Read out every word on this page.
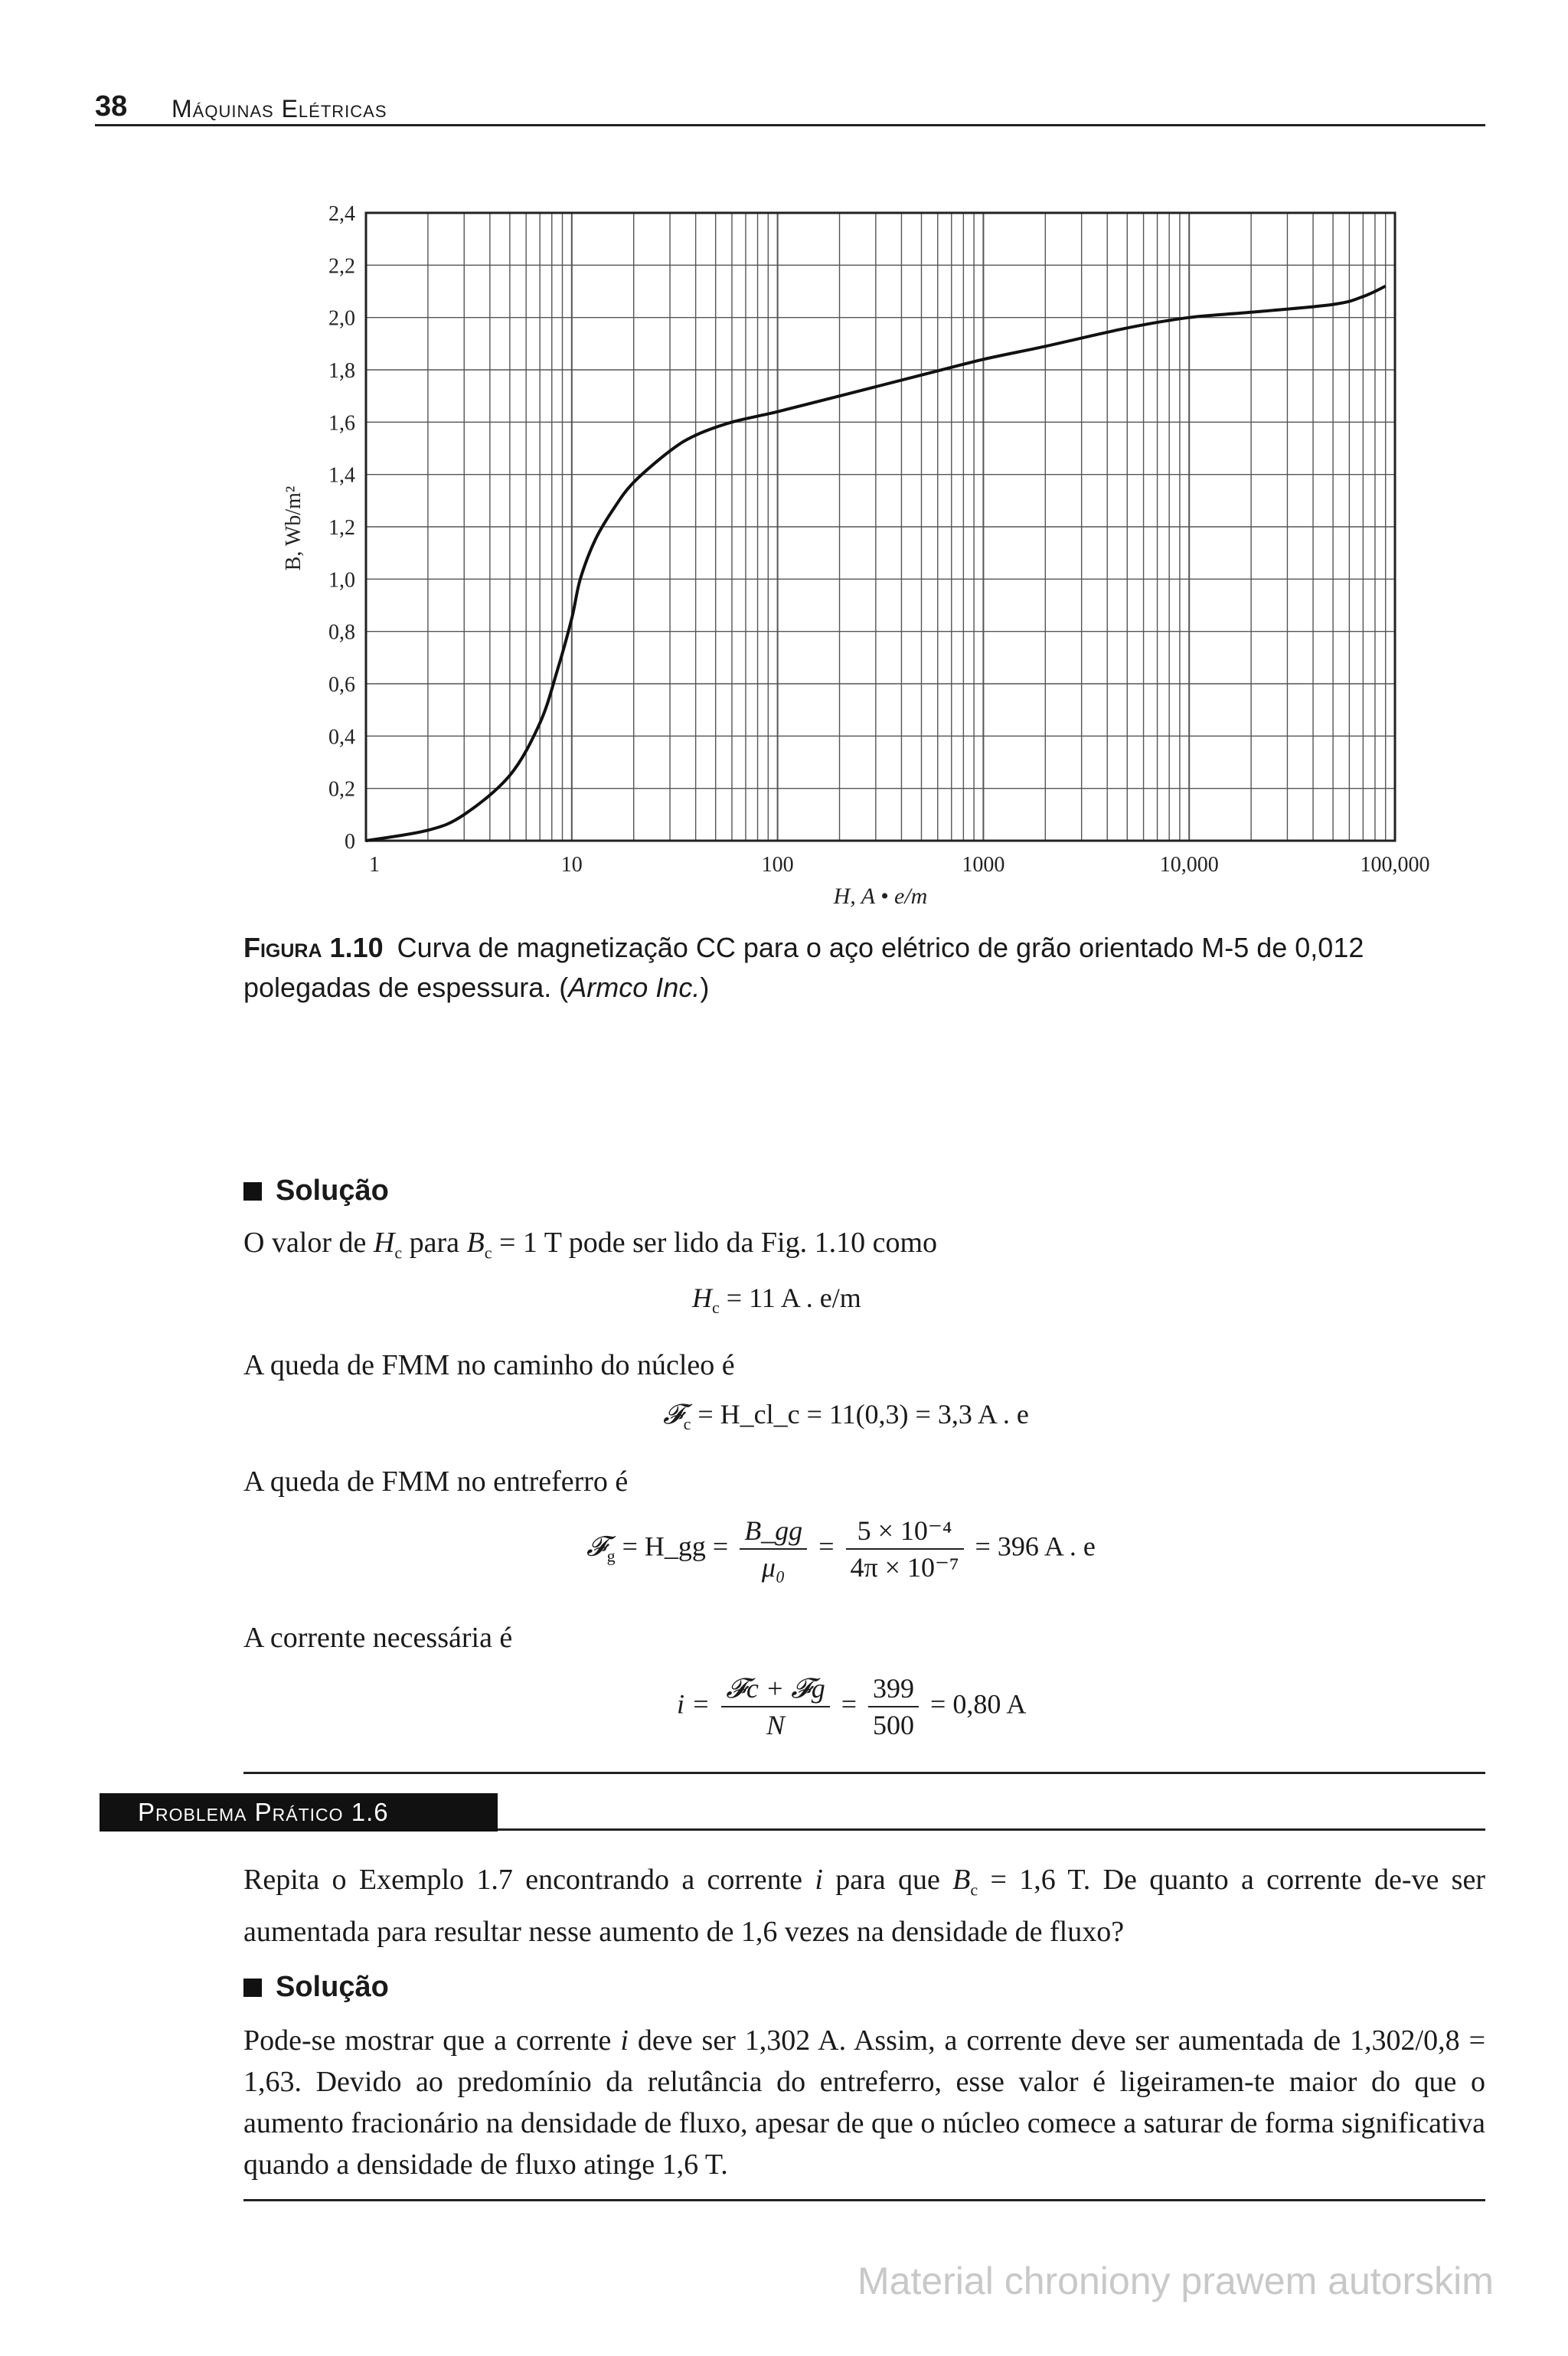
38 Máquinas Elétricas
0
0,2
0,4
0,6
0,8
1,0
1,2
1,4
1,6
1,8
2,0
2,2
2,4
1	10	100	1000	10,000	100,000
H, A • e/m
B, Wb/m²
Figura 1.10 Curva de magnetização CC para o aço elétrico de grão orientado M-5 de 0,012 polegadas de espessura. (Armco Inc.)
Solução
O valor de $H_c$ para $B_c = 1$ T pode ser lido da Fig. 1.10 como
$H_c = 11$ A . e/m
A queda de FMM no caminho do núcleo é
𝓕$_c$ = H_cl_c = 11(0,3) = 3,3 A . e
A queda de FMM no entreferro é
𝓕$_g$ = H_gg = $\frac{B\_gg}{\text{μ₀}} = \frac{\text{5 × 10⁻⁴}}{\text{4π × 10⁻⁷}} = 396$ A . e
A corrente necessária é
$i = \frac{\text{𝓕c + 𝓕g}}{N} = \frac{399}{500} = 0,80$ A
Problema Prático 1.6
Repita o Exemplo 1.7 encontrando a corrente i para que $B_c = 1,6$ T. De quanto a corrente de-ve ser aumentada para resultar nesse aumento de 1,6 vezes na densidade de fluxo?
Solução
Pode-se mostrar que a corrente i deve ser 1,302 A. Assim, a corrente deve ser aumentada de 1,302/0,8 = 1,63. Devido ao predomínio da relutância do entreferro, esse valor é ligeiramen-te maior do que o aumento fracionário na densidade de fluxo, apesar de que o núcleo comece a saturar de forma significativa quando a densidade de fluxo atinge 1,6 T.
Material chroniony prawem autorskim
